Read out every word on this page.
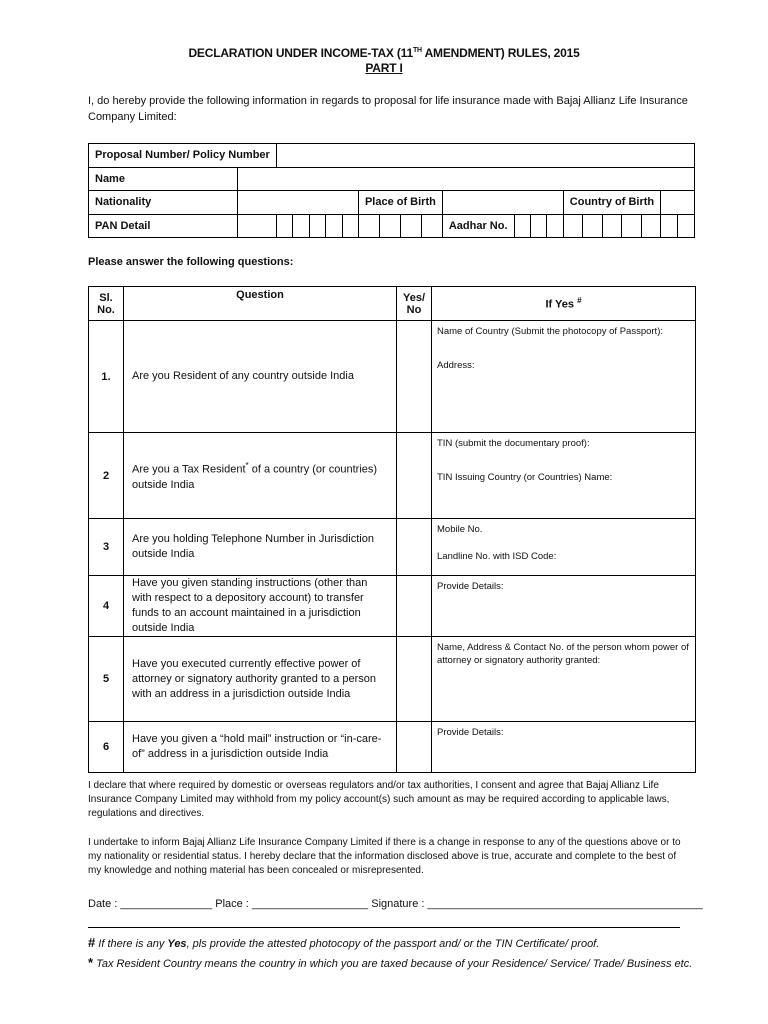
DECLARATION UNDER INCOME-TAX (11TH AMENDMENT) RULES, 2015
PART I
I, do hereby provide the following information in regards to proposal for life insurance made with Bajaj Allianz Life Insurance Company Limited:
Proposal Number/ Policy Number																					
Name																					
Nationality							Place of Birth								Country of Birth						
PAN Detail											Aadhar No.										
Please answer the following questions:
Sl. No.	Question	Yes/ No	If Yes #
1.	Are you Resident of any country outside India		Name of Country (Submit the photocopy of Passport):
Address:

2	Are you a Tax Resident* of a country (or countries) outside India		TIN (submit the documentary proof):
TIN Issuing Country (or Countries) Name:

3	Are you holding Telephone Number in Jurisdiction outside India		Mobile No.
Landline No. with ISD Code:

4	Have you given standing instructions (other than with respect to a depository account) to transfer funds to an account maintained in a jurisdiction outside India		Provide Details:

5	Have you executed currently effective power of attorney or signatory authority granted to a person with an address in a jurisdiction outside India		Name, Address & Contact No. of the person whom power of attorney or signatory authority granted:

6	Have you given a “hold mail” instruction or “in-care-of” address in a jurisdiction outside India		Provide Details:
I declare that where required by domestic or overseas regulators and/or tax authorities, I consent and agree that Bajaj Allianz Life Insurance Company Limited may withhold from my policy account(s) such amount as may be required according to applicable laws, regulations and directives.
I undertake to inform Bajaj Allianz Life Insurance Company Limited if there is a change in response to any of the questions above or to my nationality or residential status. I hereby declare that the information disclosed above is true, accurate and complete to the best of my knowledge and nothing material has been concealed or misrepresented.
Date : _______________ Place : ___________________ Signature : _____________________________________________
# If there is any Yes, pls provide the attested photocopy of the passport and/ or the TIN Certificate/ proof.
* Tax Resident Country means the country in which you are taxed because of your Residence/ Service/ Trade/ Business etc.
